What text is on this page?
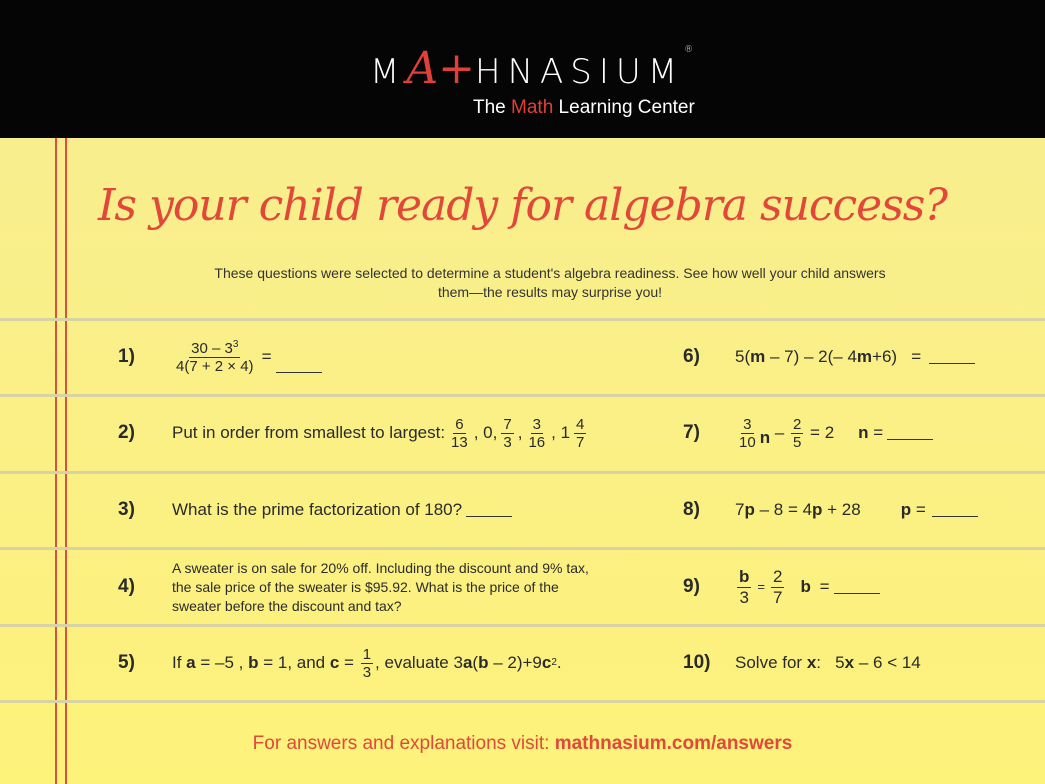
MA+HNASIUM®
The Math Learning Center
Is your child ready for algebra success?
These questions were selected to determine a student's algebra readiness. See how well your child answers them—the results may surprise you!
1)	$\frac{30 - 3^3}{4(7 + 2 \times 4)}$ =
2) Put in order from smallest to largest: $\frac{6}{13}$ , 0, $\frac{7}{3}$ , $\frac{3}{16}$ , $1 \frac{4}{7}$
3) What is the prime factorization of 180?
4)
A sweater is on sale for 20% off. Including the discount and 9% tax, the sale price of the sweater is $95.92. What is the price of the sweater before the discount and tax?
5) If a = –5 , b = 1, and $c = \frac{1}{3}$ , evaluate 3 a ( b – 2)+9 c 2 .
6) 5( m – 7) – 2(– 4 m +6)   =
$7) \frac{3}{10}$ $n - \frac{2}{5} = 2$ n =
8) 7 p – 8 = 4 p + 28 p =
$9) \frac{b}{3} = \frac{2}{7}$ b =
10) Solve for x :   5 x – 6 < 14
For answers and explanations visit: mathnasium.com/answers
